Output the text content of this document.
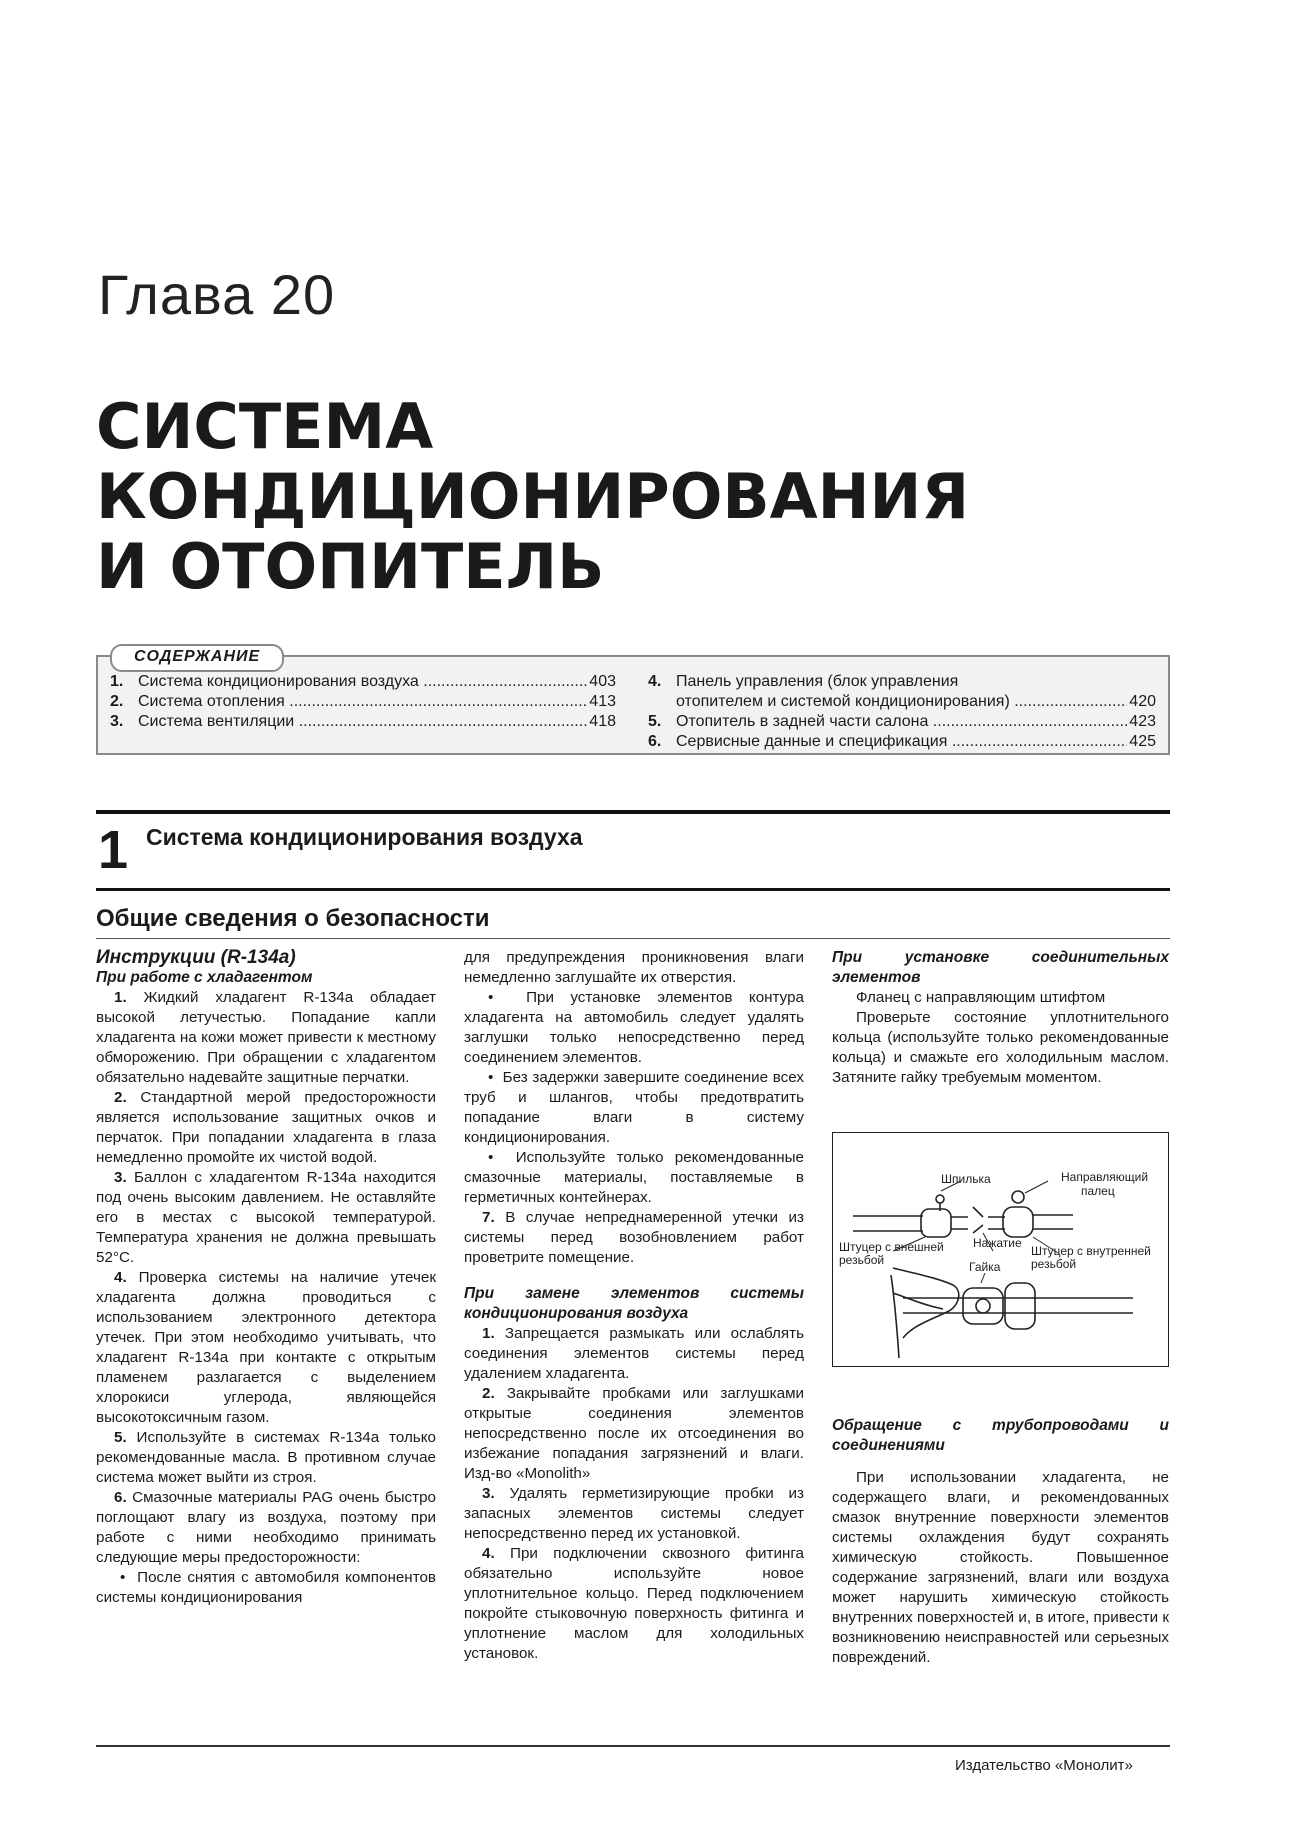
Глава 20
СИСТЕМА
КОНДИЦИОНИРОВАНИЯ
И ОТОПИТЕЛЬ
СОДЕРЖАНИЕ
1. Система кондиционирования воздуха .....	403
2. Система отопления .....	413
3. Система вентиляции .....	418
4. Панель управления (блок управления
отопителем и системой кондиционирования) .....	420
5. Отопитель в задней части салона .....	423
6. Сервисные данные и спецификация .....	425
1 Система кондиционирования воздуха
Общие сведения о безопасности

Инструкции (R-134a)

При работе с хладагентом

1. Жидкий хладагент R-134a обладает высокой летучестью. Попадание капли хладагента на кожи может привести к местному обморожению. При обращении с хладагентом обязательно надевайте защитные перчатки.

2. Стандартной мерой предосторожности является использование защитных очков и перчаток. При попадании хладагента в глаза немедленно промойте их чистой водой.

3. Баллон с хладагентом R-134a находится под очень высоким давлением. Не оставляйте его в местах с высокой температурой. Температура хранения не должна превышать 52°C.

4. Проверка системы на наличие утечек хладагента должна проводиться с использованием электронного детектора утечек. При этом необходимо учитывать, что хладагент R-134a при контакте с открытым пламенем разлагается с выделением хлорокиси углерода, являющейся высокотоксичным газом.

5. Используйте в системах R-134a только рекомендованные масла. В противном случае система может выйти из строя.

6. Смазочные материалы PAG очень быстро поглощают влагу из воздуха, поэтому при работе с ними необходимо принимать следующие меры предосторожности:

•  После снятия с автомобиля компонентов системы кондиционирования

для предупреждения проникновения влаги немедленно заглушайте их отверстия.

•  При установке элементов контура хладагента на автомобиль следует удалять заглушки только непосредственно перед соединением элементов.

•  Без задержки завершите соединение всех труб и шлангов, чтобы предотвратить попадание влаги в систему кондиционирования.

•  Используйте только рекомендованные смазочные материалы, поставляемые в герметичных контейнерах.

7. В случае непреднамеренной утечки из системы перед возобновлением работ проветрите помещение.

При замене элементов системы кондиционирования воздуха

1. Запрещается размыкать или ослаблять соединения элементов системы перед удалением хладагента.

2. Закрывайте пробками или заглушками открытые соединения элементов непосредственно после их отсоединения во избежание попадания загрязнений и влаги. Изд-во «Monolith»

3. Удалять герметизирующие пробки из запасных элементов системы следует непосредственно перед их установкой.

4. При подключении сквозного фитинга обязательно используйте новое уплотнительное кольцо. Перед подключением покройте стыковочную поверхность фитинга и уплотнение маслом для холодильных установок.

При установке соединительных элементов

Фланец с направляющим штифтом

Проверьте состояние уплотнительного кольца (используйте только рекомендованные кольца) и смажьте его холодильным маслом. Затяните гайку требуемым моментом.

Шпилька	Направляющий
палец
Штуцер с внешней
резьбой
Нажатие
Штуцер с внутренней
резьбой
Гайка

Обращение с трубопроводами и соединениями

При использовании хладагента, не содержащего влаги, и рекомендованных смазок внутренние поверхности элементов системы охлаждения будут сохранять химическую стойкость. Повышенное содержание загрязнений, влаги или воздуха может нарушить химическую стойкость внутренних поверхностей и, в итоге, привести к возникновению неисправностей или серьезных повреждений.

Издательство «Монолит»
